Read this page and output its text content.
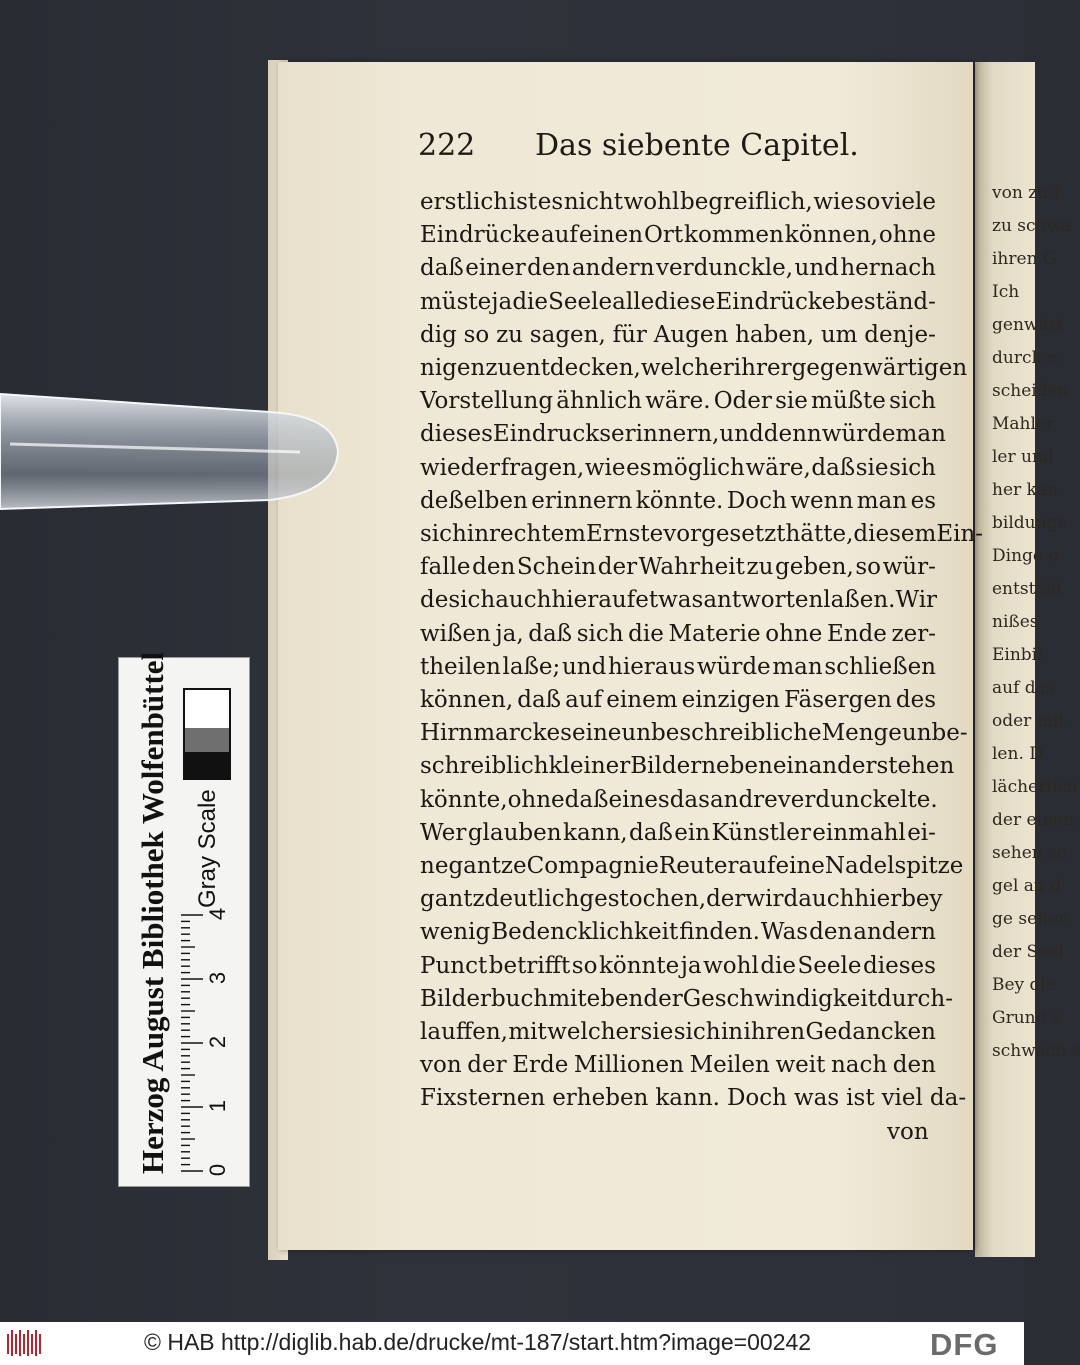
von zu f
zu schwa
ihren G
Ich
genwärt
durch e
scheiden
Mahler
ler und
her kan
bildungs
Dinge o
entsteht
nißes
Einbil
auf das
oder mit
len. D
lächerlich
der einen
sehen so
gel an d
ge sehen
der Seel
Bey die
Grund s
schwach s
222 Das siebente Capitel.
erstlich ist es nicht wohl begreiflich, wie so viele
Eindrücke auf einen Ort kommen können, ohne
daß einer den andern verdunckle, und hernach
müste ja die Seele alle diese Eindrücke beständ-
dig so zu sagen, für Augen haben, um denje-
nigen zu entdecken, welcher ihrer gegenwärtigen
Vorstellung ähnlich wäre. Oder sie müßte sich
dieses Eindrucks erinnern, und denn würde man
wieder fragen, wie es möglich wäre, daß sie sich
deßelben erinnern könnte. Doch wenn man es
sich in rechtem Ernste vorgesetzt hätte, diesem Ein-
falle den Schein der Wahrheit zu geben, so wür-
de sich auch hierauf etwas antworten laßen. Wir
wißen ja, daß sich die Materie ohne Ende zer-
theilen laße; und hieraus würde man schließen
können, daß auf einem einzigen Fäsergen des
Hirnmarckes eine unbeschreibliche Menge unbe-
schreiblich kleiner Bilder neben einander stehen
könnte, ohne daß eines das andre verdunckelte.
Wer glauben kann, daß ein Künstler einmahl ei-
ne gantze Compagnie Reuter auf eine Nadelspitze
gantz deutlich gestochen, der wird auch hierbey
wenig Bedencklichkeit finden. Was den andern
Punct betrifft so könnte ja wohl die Seele dieses
Bilderbuch mit eben der Geschwindigkeit durch-
lauffen, mit welcher sie sich in ihren Gedancken
von der Erde Millionen Meilen weit nach den
Fixsternen erheben kann. Doch was ist viel da-
von
Herzog August Bibliothek Wolfenbüttel Gray Scale
0
1
2
3
4
© HAB http://diglib.hab.de/drucke/mt-187/start.htm?image=00242	DFG
